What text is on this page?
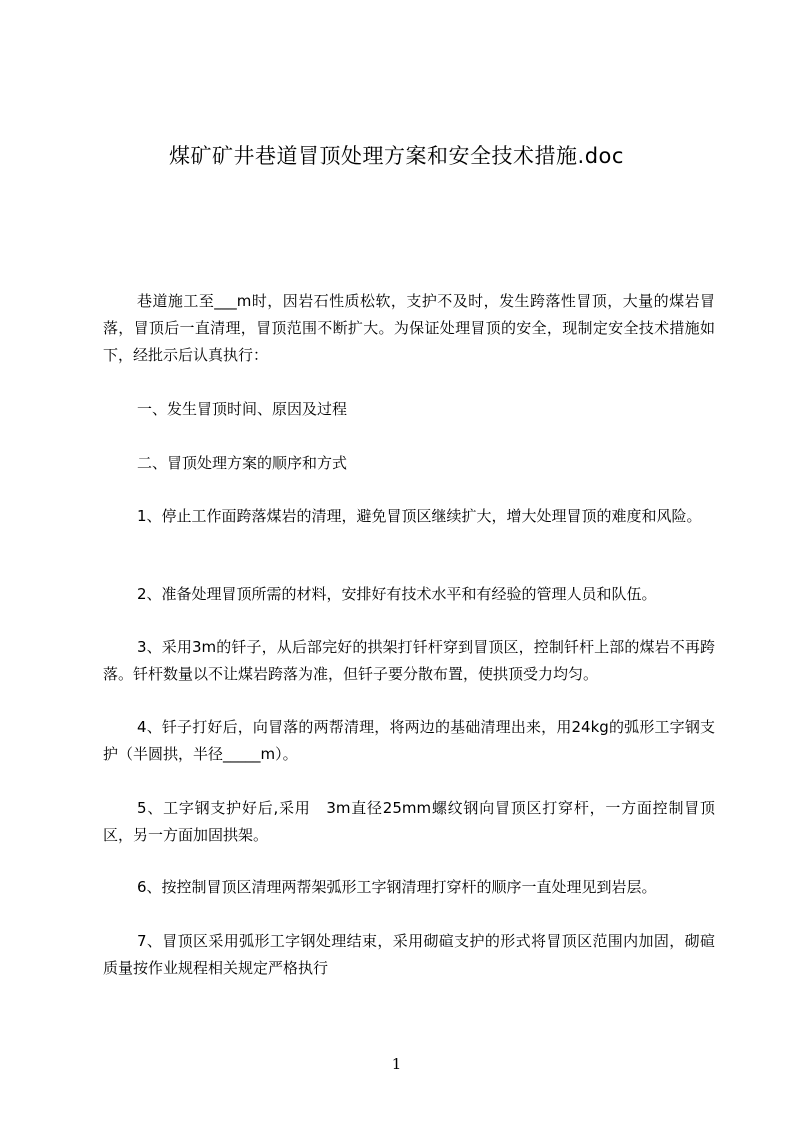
煤矿矿井巷道冒顶处理方案和安全技术措施.doc

巷道施工至___m时，因岩石性质松软，支护不及时，发生跨落性冒顶，大量的煤岩冒落，冒顶后一直清理，冒顶范围不断扩大。为保证处理冒顶的安全，现制定安全技术措施如下，经批示后认真执行：

一、发生冒顶时间、原因及过程

二、冒顶处理方案的顺序和方式

1、停止工作面跨落煤岩的清理，避免冒顶区继续扩大，增大处理冒顶的难度和风险。

2、准备处理冒顶所需的材料，安排好有技术水平和有经验的管理人员和队伍。

3、采用3m的钎子，从后部完好的拱架打钎杆穿到冒顶区，控制钎杆上部的煤岩不再跨落。钎杆数量以不让煤岩跨落为准，但钎子要分散布置，使拱顶受力均匀。

4、钎子打好后，向冒落的两帮清理，将两边的基础清理出来，用24kg的弧形工字钢支护（半圆拱，半径_____m）。

5、工字钢支护好后,采用　3m直径25mm螺纹钢向冒顶区打穿杆，一方面控制冒顶区，另一方面加固拱架。

6、按控制冒顶区清理两帮架弧形工字钢清理打穿杆的顺序一直处理见到岩层。

7、冒顶区采用弧形工字钢处理结束，采用砌碹支护的形式将冒顶区范围内加固，砌碹质量按作业规程相关规定严格执行

1
